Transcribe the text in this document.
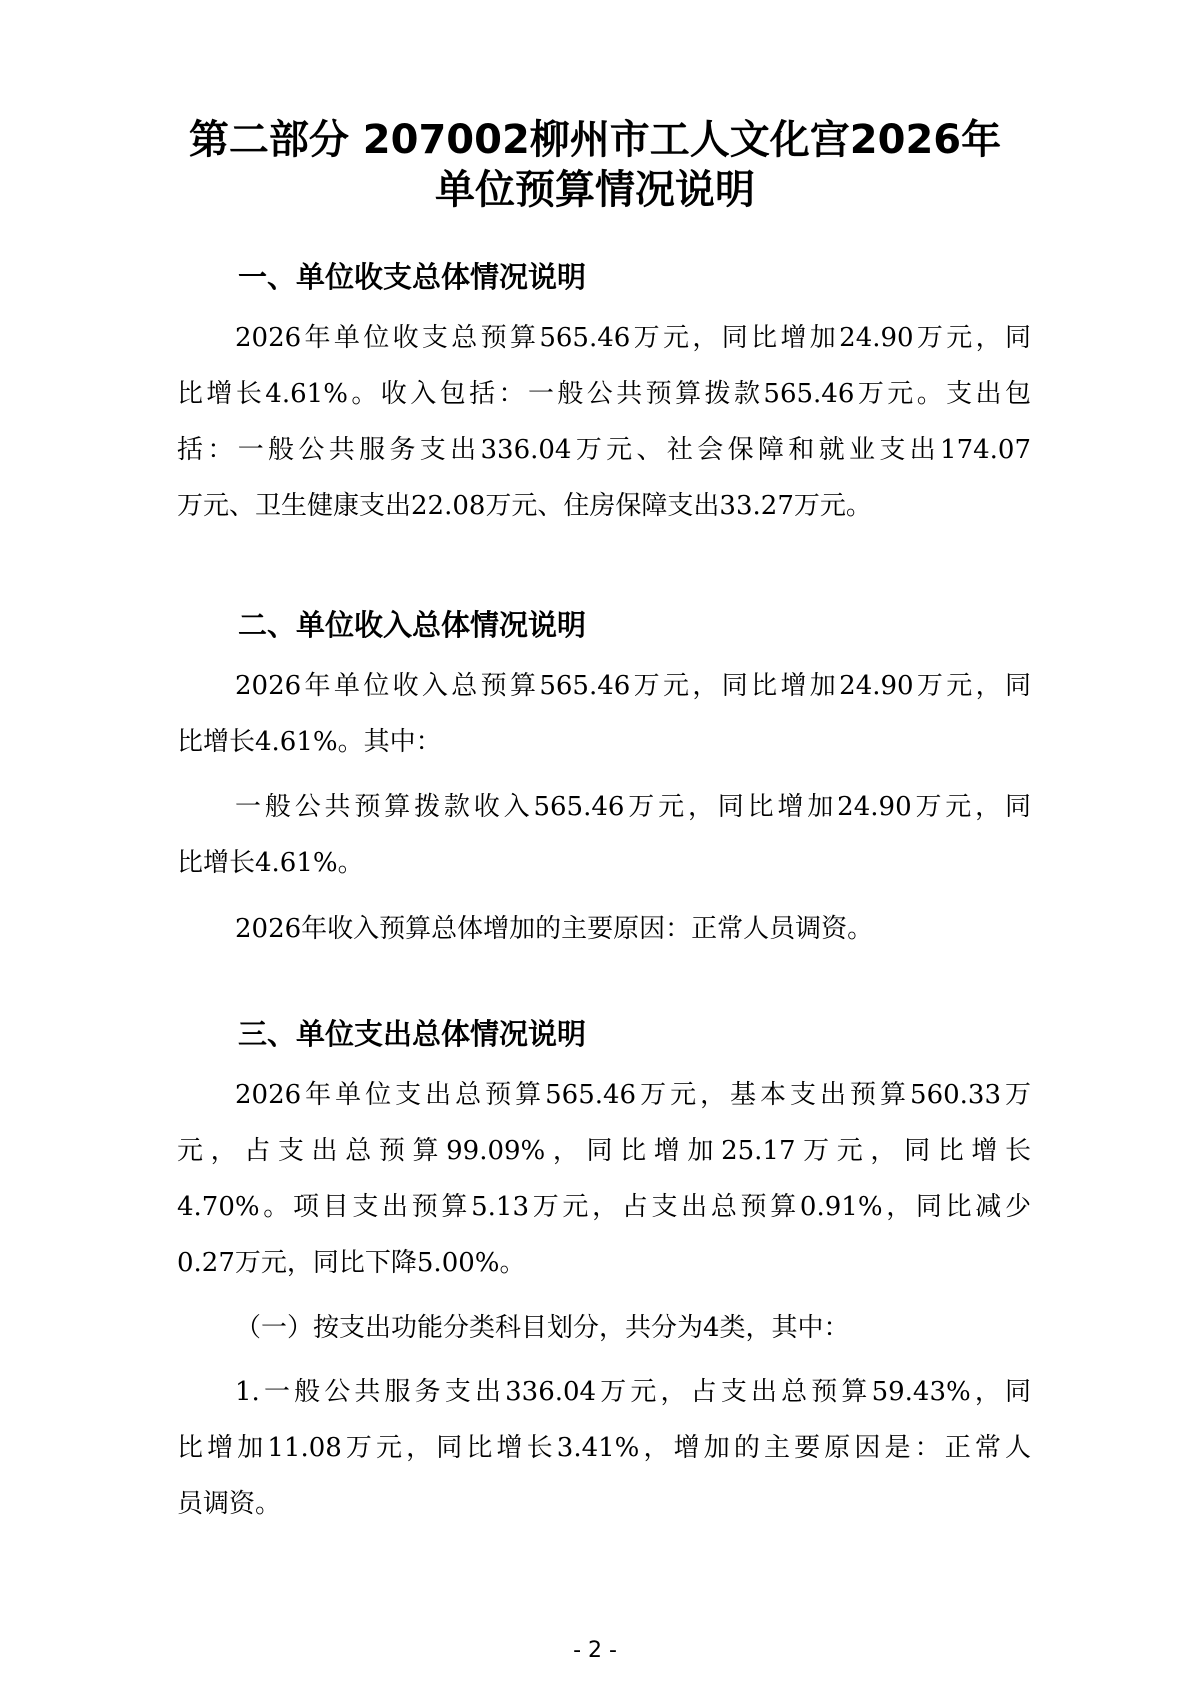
第二部分 207002柳州市工人文化宫2026年
单位预算情况说明
一、单位收支总体情况说明
2026年单位收支总预算565.46万元，同比增加24.90万元，同
比增长4.61%。收入包括：一般公共预算拨款565.46万元。支出包
括：一般公共服务支出336.04万元、社会保障和就业支出174.07
万元、卫生健康支出22.08万元、住房保障支出33.27万元。
二、单位收入总体情况说明
2026年单位收入总预算565.46万元，同比增加24.90万元，同
比增长4.61%。其中：
一般公共预算拨款收入565.46万元，同比增加24.90万元，同
比增长4.61%。
2026年收入预算总体增加的主要原因：正常人员调资。
三、单位支出总体情况说明
2026年单位支出总预算565.46万元，基本支出预算560.33万
元，占支出总预算99.09%，同比增加25.17万元，同比增长
4.70%。项目支出预算5.13万元，占支出总预算0.91%，同比减少
0.27万元，同比下降5.00%。
（一）按支出功能分类科目划分，共分为4类，其中：
1.一般公共服务支出336.04万元，占支出总预算59.43%，同
比增加11.08万元，同比增长3.41%，增加的主要原因是：正常人
员调资。
- 2 -
